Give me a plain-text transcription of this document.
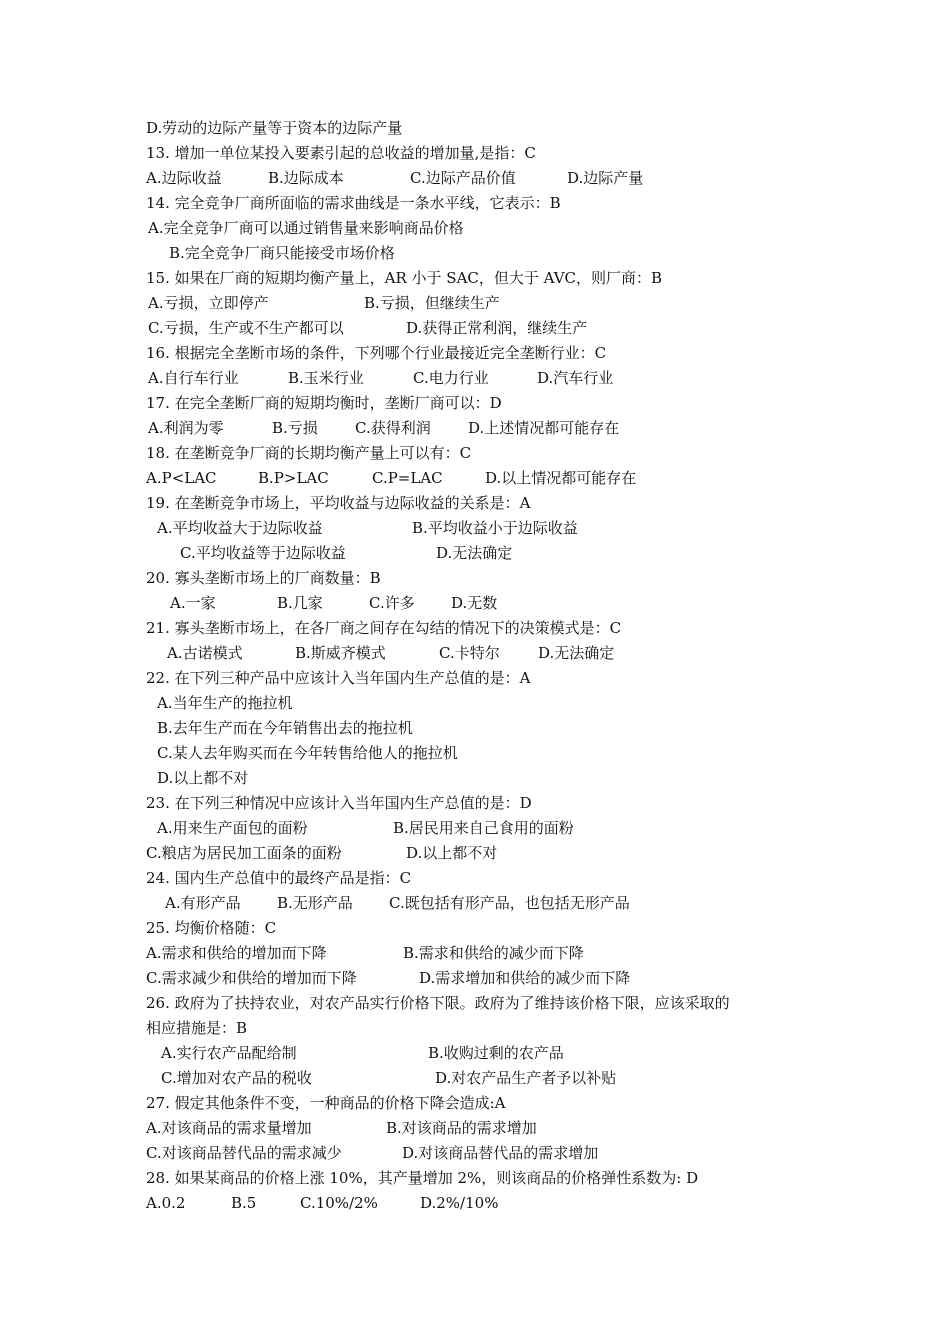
D.劳动的边际产量等于资本的边际产量
13. 增加一单位某投入要素引起的总收益的增加量,是指：C
A.边际收益	B.边际成本	C.边际产品价值	D.边际产量
14. 完全竞争厂商所面临的需求曲线是一条水平线，它表示：B
A.完全竞争厂商可以通过销售量来影响商品价格
B.完全竞争厂商只能接受市场价格
15. 如果在厂商的短期均衡产量上，AR 小于 SAC，但大于 AVC，则厂商：B
A.亏损，立即停产	B.亏损，但继续生产
C.亏损，生产或不生产都可以	D.获得正常利润，继续生产
16. 根据完全垄断市场的条件，下列哪个行业最接近完全垄断行业：C
A.自行车行业	B.玉米行业	C.电力行业	D.汽车行业
17. 在完全垄断厂商的短期均衡时，垄断厂商可以：D
A.利润为零	B.亏损 C.获得利润 D.上述情况都可能存在
18. 在垄断竞争厂商的长期均衡产量上可以有：C
A.P<LAC	B.P>LAC	C.P=LAC	D.以上情况都可能存在
19. 在垄断竞争市场上，平均收益与边际收益的关系是：A
A.平均收益大于边际收益	B.平均收益小于边际收益
C.平均收益等于边际收益	D.无法确定
20. 寡头垄断市场上的厂商数量：B
A.一家	B.几家	C.许多 D.无数
21. 寡头垄断市场上，在各厂商之间存在勾结的情况下的决策模式是：C
A.古诺模式	B.斯威齐模式	C.卡特尔	D.无法确定
22. 在下列三种产品中应该计入当年国内生产总值的是：A
A.当年生产的拖拉机
B.去年生产而在今年销售出去的拖拉机
C.某人去年购买而在今年转售给他人的拖拉机
D.以上都不对
23. 在下列三种情况中应该计入当年国内生产总值的是：D
A.用来生产面包的面粉	B.居民用来自己食用的面粉
C.粮店为居民加工面条的面粉	D.以上都不对
24. 国内生产总值中的最终产品是指：C
A.有形产品 B.无形产品 C.既包括有形产品，也包括无形产品
25. 均衡价格随：C
A.需求和供给的增加而下降	B.需求和供给的减少而下降
C.需求减少和供给的增加而下降	D.需求增加和供给的减少而下降
26. 政府为了扶持农业，对农产品实行价格下限。政府为了维持该价格下限，应该采取的
相应措施是：B
A.实行农产品配给制	B.收购过剩的农产品
C.增加对农产品的税收	D.对农产品生产者予以补贴
27. 假定其他条件不变，一种商品的价格下降会造成:A
A.对该商品的需求量增加	B.对该商品的需求增加
C.对该商品替代品的需求减少	D.对该商品替代品的需求增加
28. 如果某商品的价格上涨 10%，其产量增加 2%，则该商品的价格弹性系数为: D
A.0.2	B.5	C.10%/2%	D.2%/10%
